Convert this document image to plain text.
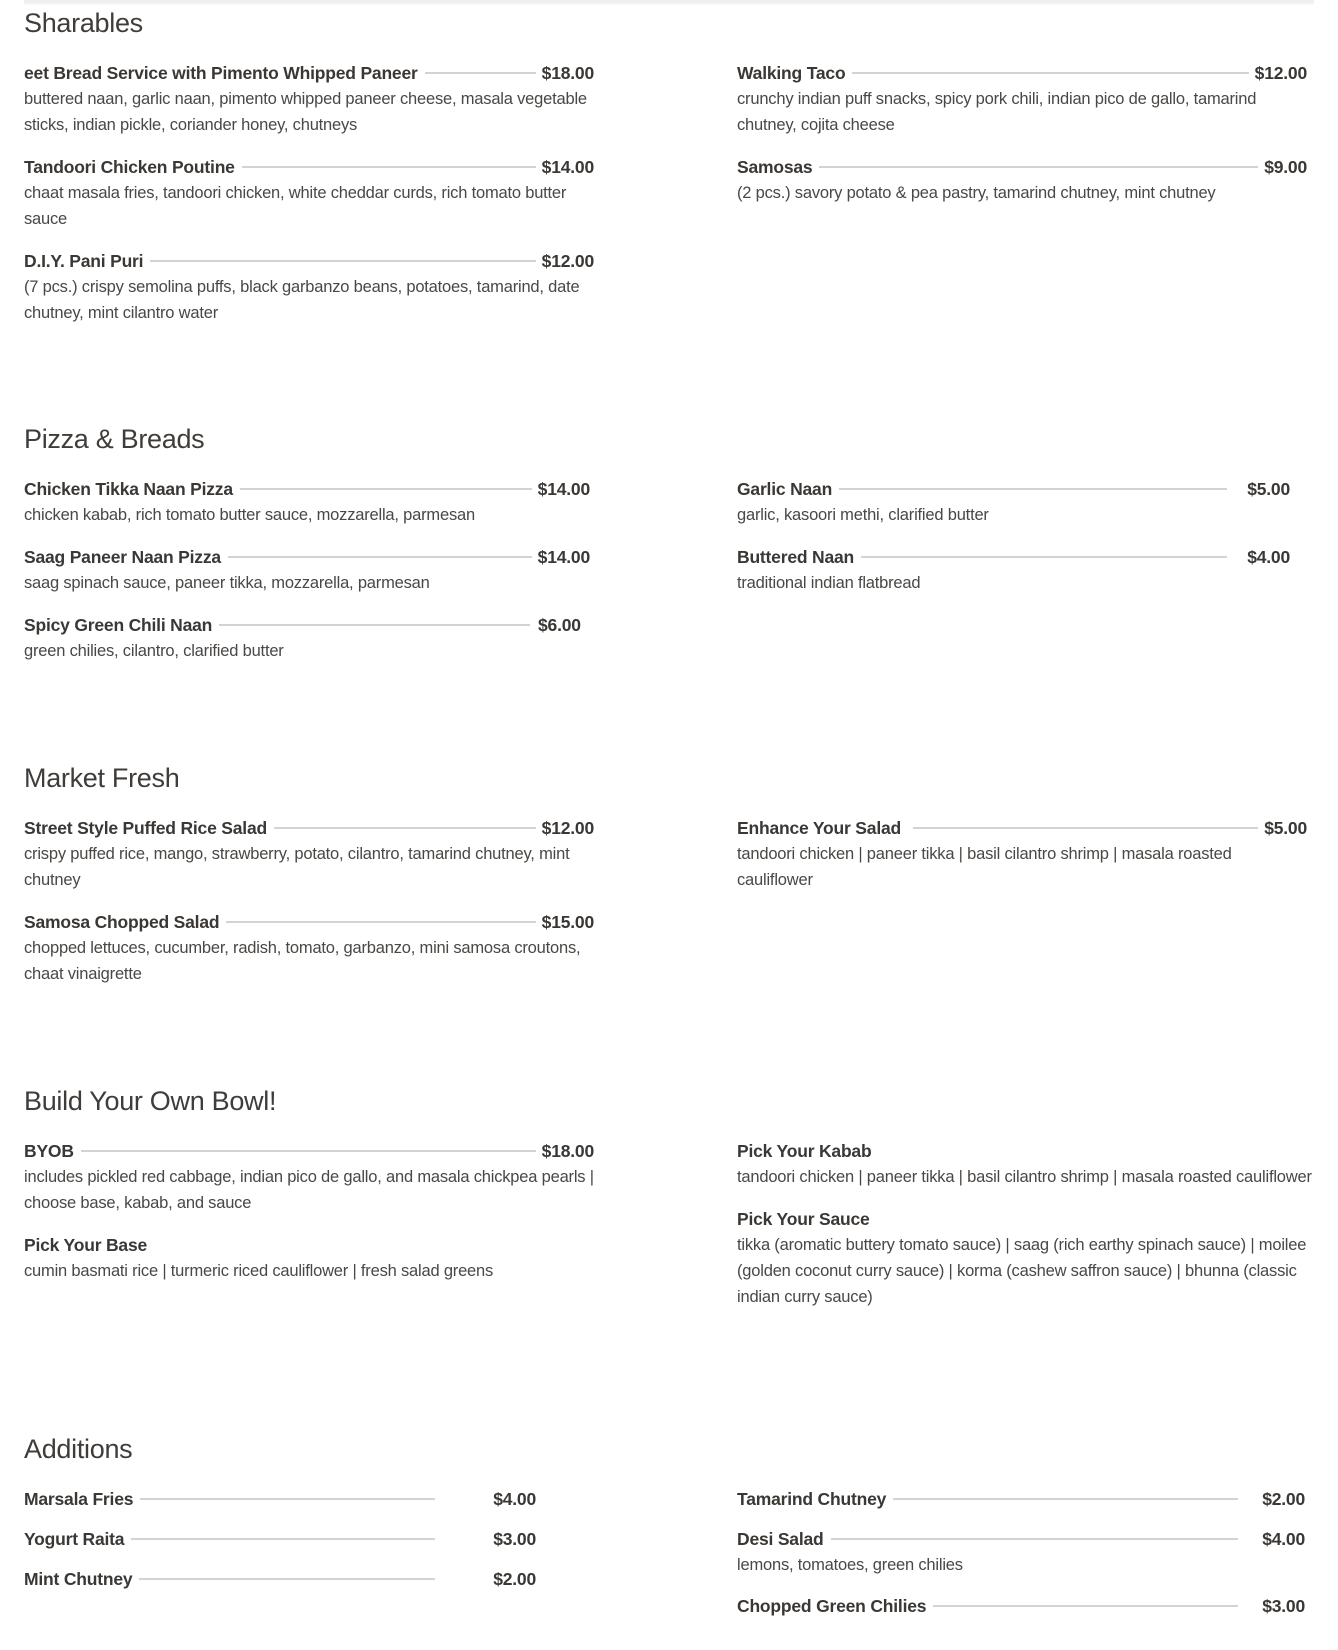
Sharables
eet Bread Service with Pimento Whipped Paneer	$18.00
buttered naan, garlic naan, pimento whipped paneer cheese, masala vegetable sticks, indian pickle, coriander honey, chutneys
Tandoori Chicken Poutine	$14.00
chaat masala fries, tandoori chicken, white cheddar curds, rich tomato butter sauce
D.I.Y. Pani Puri	$12.00
(7 pcs.) crispy semolina puffs, black garbanzo beans, potatoes, tamarind, date chutney, mint cilantro water
Walking Taco	$12.00
crunchy indian puff snacks, spicy pork chili, indian pico de gallo, tamarind chutney, cojita cheese
Samosas	$9.00
(2 pcs.) savory potato & pea pastry, tamarind chutney, mint chutney
Pizza & Breads
Chicken Tikka Naan Pizza	$14.00
chicken kabab, rich tomato butter sauce, mozzarella, parmesan
Saag Paneer Naan Pizza	$14.00
saag spinach sauce, paneer tikka, mozzarella, parmesan
Spicy Green Chili Naan	$6.00
green chilies, cilantro, clarified butter
Garlic Naan	$5.00
garlic, kasoori methi, clarified butter
Buttered Naan	$4.00
traditional indian flatbread
Market Fresh
Street Style Puffed Rice Salad	$12.00
crispy puffed rice, mango, strawberry, potato, cilantro, tamarind chutney, mint chutney
Samosa Chopped Salad	$15.00
chopped lettuces, cucumber, radish, tomato, garbanzo, mini samosa croutons, chaat vinaigrette
Enhance Your Salad	$5.00
tandoori chicken | paneer tikka | basil cilantro shrimp | masala roasted cauliflower
Build Your Own Bowl!
BYOB	$18.00
includes pickled red cabbage, indian pico de gallo, and masala chickpea pearls | choose base, kabab, and sauce
Pick Your Base
cumin basmati rice | turmeric riced cauliflower | fresh salad greens
Pick Your Kabab
tandoori chicken | paneer tikka | basil cilantro shrimp | masala roasted cauliflower
Pick Your Sauce
tikka (aromatic buttery tomato sauce) | saag (rich earthy spinach sauce) | moilee (golden coconut curry sauce) | korma (cashew saffron sauce) | bhunna (classic indian curry sauce)
Additions
Marsala Fries	$4.00
Yogurt Raita	$3.00
Mint Chutney	$2.00
Tamarind Chutney	$2.00
Desi Salad	$4.00
lemons, tomatoes, green chilies
Chopped Green Chilies	$3.00
